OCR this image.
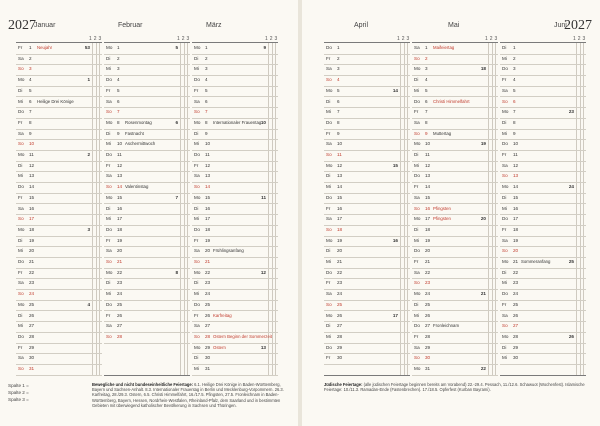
2027
Januar
1 2 3
Fr 1 Neujahr	53
Sa 2
So 3
Mo 4	1
Di 5
Mi 6 Heilige Drei Könige
Do 7
Fr 8
Sa 9
So 10
Mo 11	2
Di 12
Mi 13
Do 14
Fr 15
Sa 16
So 17
Mo 18	3
Di 19
Mi 20
Do 21
Fr 22
Sa 23
So 24
Mo 25	4
Di 26
Mi 27
Do 28
Fr 29
Sa 30
So 31
Februar
1 2 3
Mo 1	5
Di 2
Mi 3
Do 4
Fr 5
Sa 6
So 7
Mo 8 Rosenmontag	6
Di 9 Fastnacht
Mi 10 Aschermittwoch
Do 11
Fr 12
Sa 13
So 14 Valentinstag
Mo 15	7
Di 16
Mi 17
Do 18
Fr 19
Sa 20
So 21
Mo 22	8
Di 23
Mi 24
Do 25
Fr 26
Sa 27
So 28
März
1 2 3
Mo 1	9
Di 2
Mi 3
Do 4
Fr 5
Sa 6
So 7
Mo 8 Internationaler Frauentag 10
Di 9
Mi 10
Do 11
Fr 12
Sa 13
So 14
Mo 15	11
Di 16
Mi 17
Do 18
Fr 19
Sa 20 Frühlingsanfang
So 21
Mo 22	12
Di 23
Mi 24
Do 25
Fr 26 Karfreitag
Sa 27
So 28 Ostern Beginn der Sommerzeit
Mo 29 Ostern	13
Di 30
Mi 31
Spalte 1 =
Spalte 2 =
Spalte 3 =
Bewegliche und nicht bundeseinheitliche Feiertage: 6.1. Heilige Drei Könige in Baden-Württemberg, Bayern und Sachsen-Anhalt. 8.3. Internationaler Frauentag in Berlin und Mecklenburg-Vorpommern. 26.3. Karfreitag, 28./29.3. Ostern, 6.5. Christi Himmelfahrt, 16./17.5. Pfingsten, 27.5. Fronleichnam in Baden-Württemberg, Bayern, Hessen, Nordrhein-Westfalen, Rheinland-Pfalz, dem Saarland und in bestimmten Gebieten mit überwiegend katholischer Bevölkerung in Sachsen und Thüringen.
2027
April
1 2 3
Do 1
Fr 2
Sa 3
So 4
Mo 5	14
Di 6
Mi 7
Do 8
Fr 9
Sa 10
So 11
Mo 12	15
Di 13
Mi 14
Do 15
Fr 16
Sa 17
So 18
Mo 19	16
Di 20
Mi 21
Do 22
Fr 23
Sa 24
So 25
Mo 26	17
Di 27
Mi 28
Do 29
Fr 30
Mai
1 2 3
Sa 1 Maifeiertag
So 2
Mo 3	18
Di 4
Mi 5
Do 6 Christi Himmelfahrt
Fr 7
Sa 8
So 9 Muttertag
Mo 10	19
Di 11
Mi 12
Do 13
Fr 14
Sa 15
So 16 Pfingsten
Mo 17 Pfingsten	20
Di 18
Mi 19
Do 20
Fr 21
Sa 22
So 23
Mo 24	21
Di 25
Mi 26
Do 27 Fronleichnam
Fr 28
Sa 29
So 30
Mo 31	22
Juni
1 2 3
Di 1
Mi 2
Do 3
Fr 4
Sa 5
So 6
Mo 7	23
Di 8
Mi 9
Do 10
Fr 11
Sa 12
So 13
Mo 14	24
Di 15
Mi 16
Do 17
Fr 18
Sa 19
So 20
Mo 21 Sommeranfang	25
Di 22
Mi 23
Do 24
Fr 25
Sa 26
So 27
Mo 28	26
Di 29
Mi 30
Jüdische Feiertage: (alle jüdischen Feiertage beginnen bereits am Vorabend) 22.-29.4. Pessach, 11./12.6. Schawuot (Wochenfest). Islamische Feiertage: 10./11.3. Ramadan-Ende (Fastenbrechen). 17./18.5. Opferfest (Kurban Bayrami).
